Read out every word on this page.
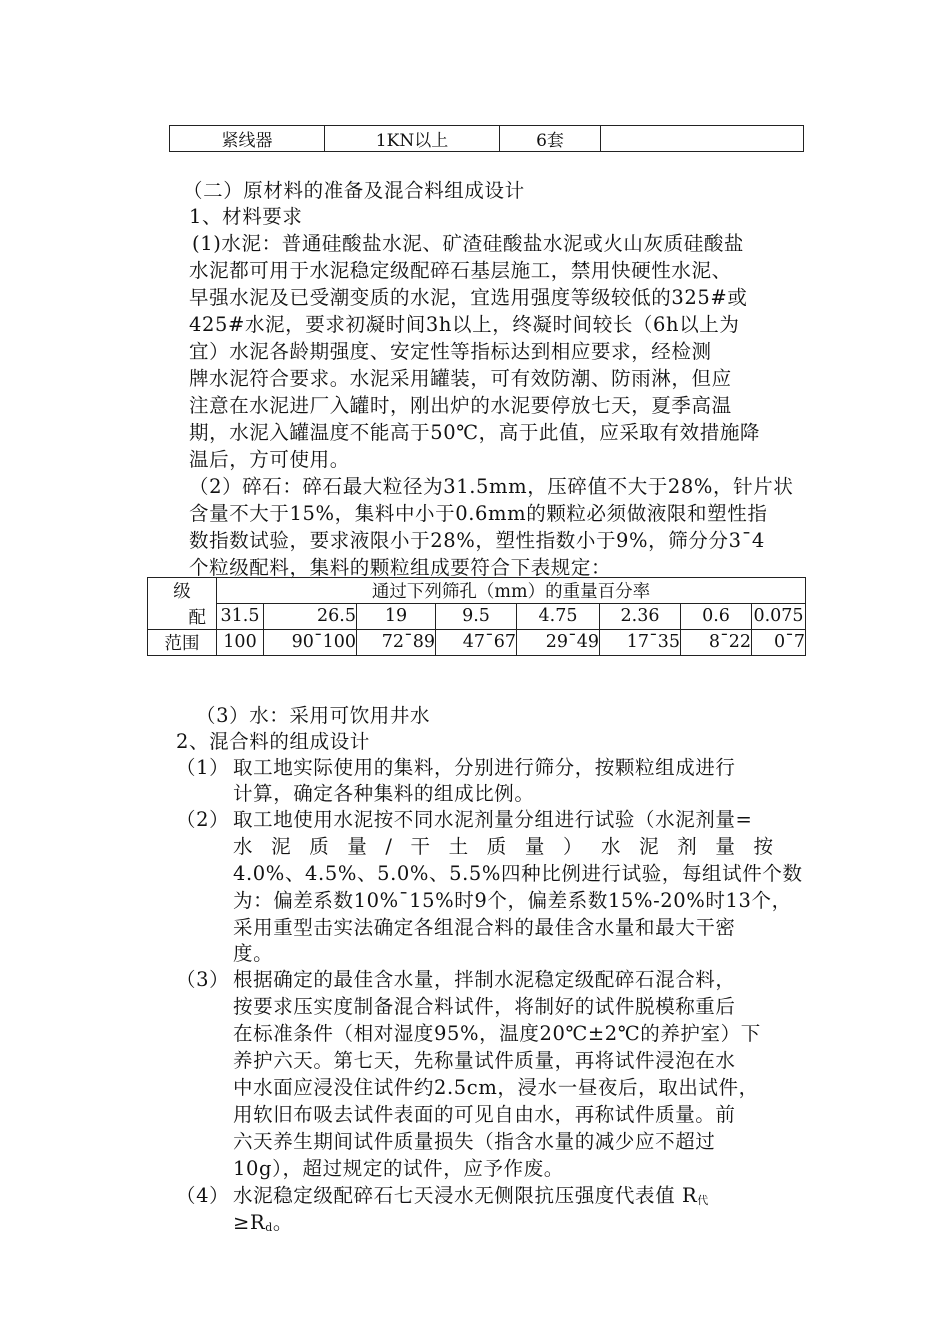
紧线器	1KN以上	6套	
（二）原材料的准备及混合料组成设计
1、材料要求
(1)水泥：普通硅酸盐水泥、矿渣硅酸盐水泥或火山灰质硅酸盐
水泥都可用于水泥稳定级配碎石基层施工，禁用快硬性水泥、
早强水泥及已受潮变质的水泥，宜选用强度等级较低的325#或
425#水泥，要求初凝时间3h以上，终凝时间较长（6h以上为
宜）水泥各龄期强度、安定性等指标达到相应要求，经检测
牌水泥符合要求。水泥采用罐装，可有效防潮、防雨淋，但应
注意在水泥进厂入罐时，刚出炉的水泥要停放七天，夏季高温
期，水泥入罐温度不能高于50℃，高于此值，应采取有效措施降
温后，方可使用。
（2）碎石：碎石最大粒径为31.5mm，压碎值不大于28%，针片状
含量不大于15%，集料中小于0.6mm的颗粒必须做液限和塑性指
数指数试验，要求液限小于28%，塑性指数小于9%，筛分分3ˉ4
个粒级配料，集料的颗粒组成要符合下表规定：
级	通过下列筛孔（mm）的重量百分率							
配	31.5	26.5	19	9.5	4.75	2.36	0.6	0.075
范围	100	90ˉ100	72ˉ89	47ˉ67	29ˉ49	17ˉ35	8ˉ22	0ˉ7
（3）水：采用可饮用井水
2、混合料的组成设计
（1） 取工地实际使用的集料，分别进行筛分，按颗粒组成进行
计算，确定各种集料的组成比例。
（2） 取工地使用水泥按不同水泥剂量分组进行试验（水泥剂量=
水 泥 质 量 / 干 土 质 量 ） 水 泥 剂 量 按
4.0%、4.5%、5.0%、5.5%四种比例进行试验，每组试件个数
为：偏差系数10%ˉ15%时9个，偏差系数15%-20%时13个，
采用重型击实法确定各组混合料的最佳含水量和最大干密
度。
（3） 根据确定的最佳含水量，拌制水泥稳定级配碎石混合料，
按要求压实度制备混合料试件，将制好的试件脱模称重后
在标准条件（相对湿度95%，温度20℃±2℃的养护室）下
养护六天。第七天，先称量试件质量，再将试件浸泡在水
中水面应浸没住试件约2.5cm，浸水一昼夜后，取出试件，
用软旧布吸去试件表面的可见自由水，再称试件质量。前
六天养生期间试件质量损失（指含水量的减少应不超过
10g），超过规定的试件，应予作废。
（4） 水泥稳定级配碎石七天浸水无侧限抗压强度代表值 R代
≥Rd。
